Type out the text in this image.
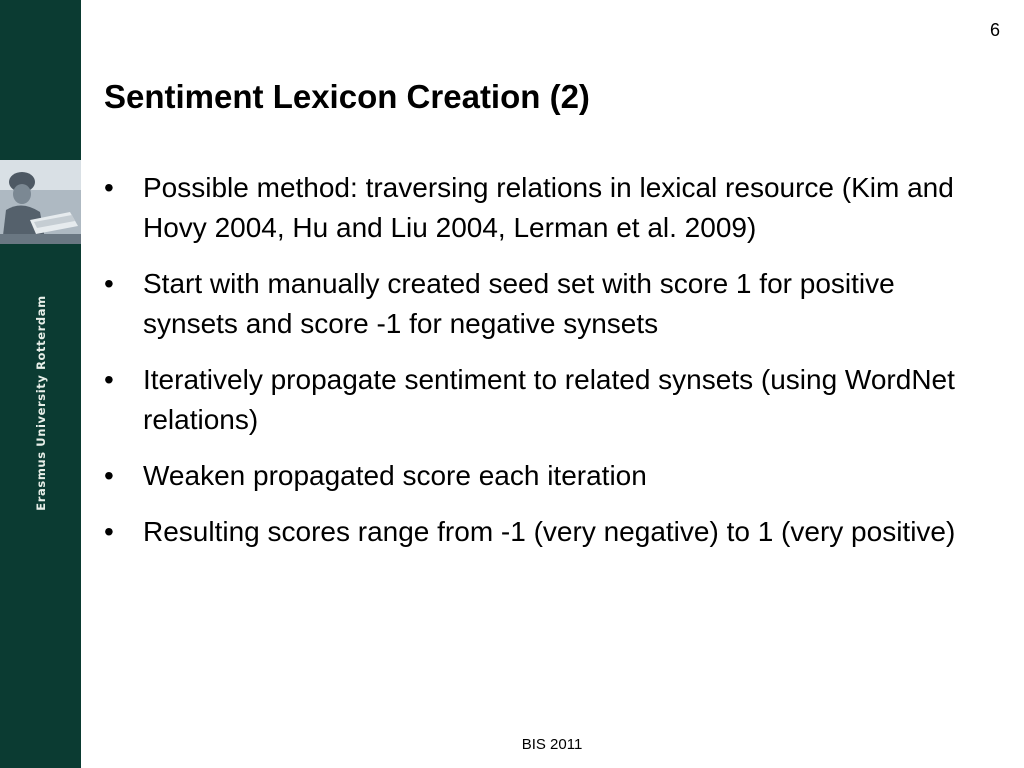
Erasmus University Rotterdam
6
Sentiment Lexicon Creation (2)
• Possible method: traversing relations in lexical resource (Kim and Hovy 2004, Hu and Liu 2004, Lerman et al. 2009)
• Start with manually created seed set with score 1 for positive synsets and score -1 for negative synsets
• Iteratively propagate sentiment to related synsets (using WordNet relations)
• Weaken propagated score each iteration
• Resulting scores range from -1 (very negative) to 1 (very positive)
BIS 2011
